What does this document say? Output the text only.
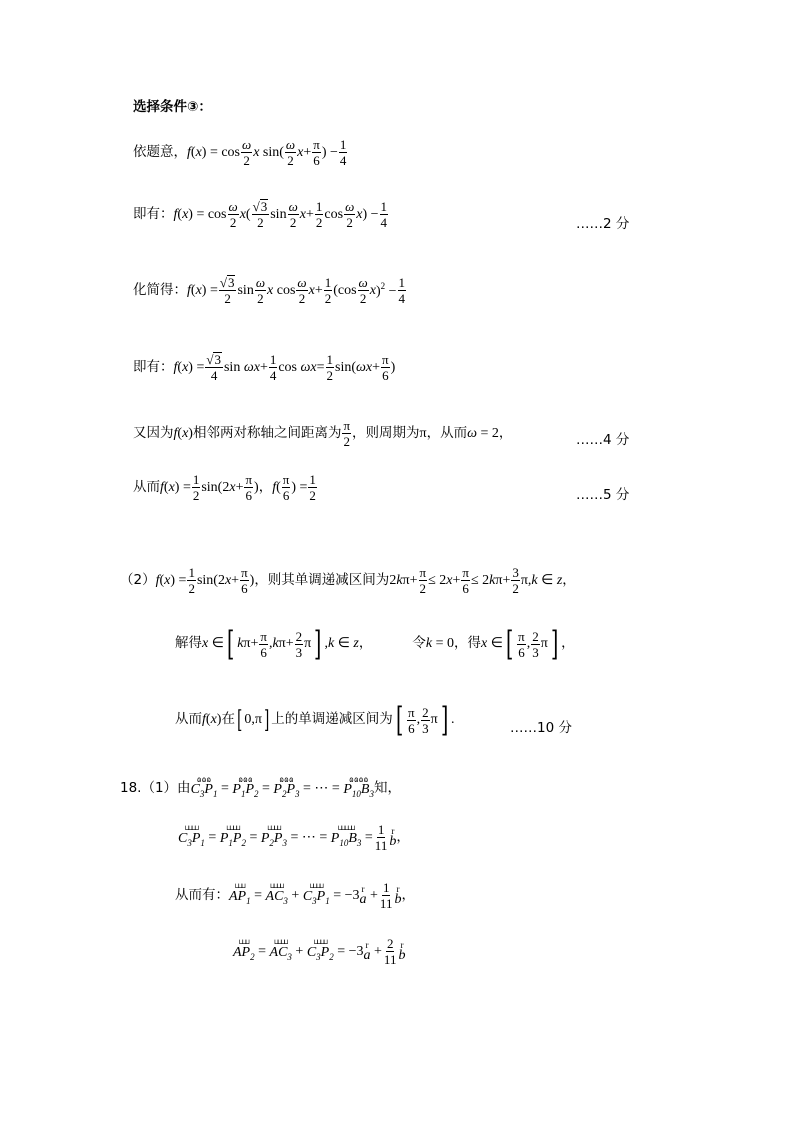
选择条件③：
依题意， f ( x ) = $\cos \frac{\omega}{2}$ x $\sin( \frac{\omega}{2}$ $x + \frac{\pi}{6}$ ) − $\frac{1}{4}$
即有： f ( x ) = $\cos \frac{\omega}{2}$ x ( $\frac{√ 3}{2}$ $\sin \frac{\omega}{2}$ $x + \frac{1}{2}$ $\cos \frac{\omega}{2}$ x ) − $\frac{1}{4}$	……2 分
化简得： f ( x ) = $\frac{√ 3}{2}$ $\sin \frac{\omega}{2}$ x $\cos \frac{\omega}{2}$ $x + \frac{1}{2} (\cos \frac{\omega}{2}$ x )$^2 - \frac{1}{4}$
即有： f ( x ) = $\frac{√ 3}{4}$ $\sin \omega x + \frac{1}{4}$ $\cos \omega x = \frac{1}{2} \sin$( $\omega x + \frac{\pi}{6}$ )
又因为 f ( x ) 相邻两对称轴之间距离为 $\frac{\pi}{2}$ ，则周期为 π ，从而 ω = 2 ，	……4 分
从而 f ( x ) = $\frac{1}{2} \sin(2$ $x + \frac{\pi}{6}$ ) ， f ( $\frac{\pi}{6}$ ) = $\frac{1}{2}$	……5 分
（2） f ( x ) = $\frac{1}{2} \sin(2$ $x + \frac{\pi}{6}$ ) ，则其单调递减区间为 2 k $\pi+ \frac{\pi}{2} \le 2$ $x + \frac{\pi}{6} \le 2$ k $\pi+ \frac{3}{2} \pi$, k ∈ z ，
解得 x ∈ [ k $\pi+ \frac{\pi}{6}$ , k $\pi+ \frac{2}{3}$ π ] , k ∈ z ，	令 k = 0 ，得 x ∈ [ $\frac{\pi}{6}$ , $\frac{2}{3}$ π ] ，
从而 f ( x ) 在 [ 0,π ] 上的单调递减区间为 [ $\frac{\pi}{6}$ , $\frac{2}{3}$ π ] .
……10 分
18.（1）由
ɷɷɷ
$C_3P_1$ =
ɷɷɷ
$P_1P_2$ =
ɷɷɷ
$P_2P_3$ = ⋯ =
ɷɷɷɷ
$P_{10}B_3$ 知，
⊔⊔⊔⊔
$C_3P_1$ =
⊔⊔⊔⊔
$P_1P_2$ =
⊔⊔⊔⊔
$P_2P_3$ = ⋯ =
⊔⊔⊔⊔⊔
$P_{10}B_3 = \frac{1}{11}$ r
b ，
从而有：
⊔⊔⊔
$AP_1$ =
⊔⊔⊔⊔
$AC_3$ +
⊔⊔⊔⊔
$C_3P_1 = -3$ r
$a + \frac{1}{11}$ r
b ，
⊔⊔⊔
$AP_2$ =
⊔⊔⊔⊔
$AC_3$ +
⊔⊔⊔⊔
$C_3P_2 = -3$ r
$a + \frac{2}{11}$ r
b
